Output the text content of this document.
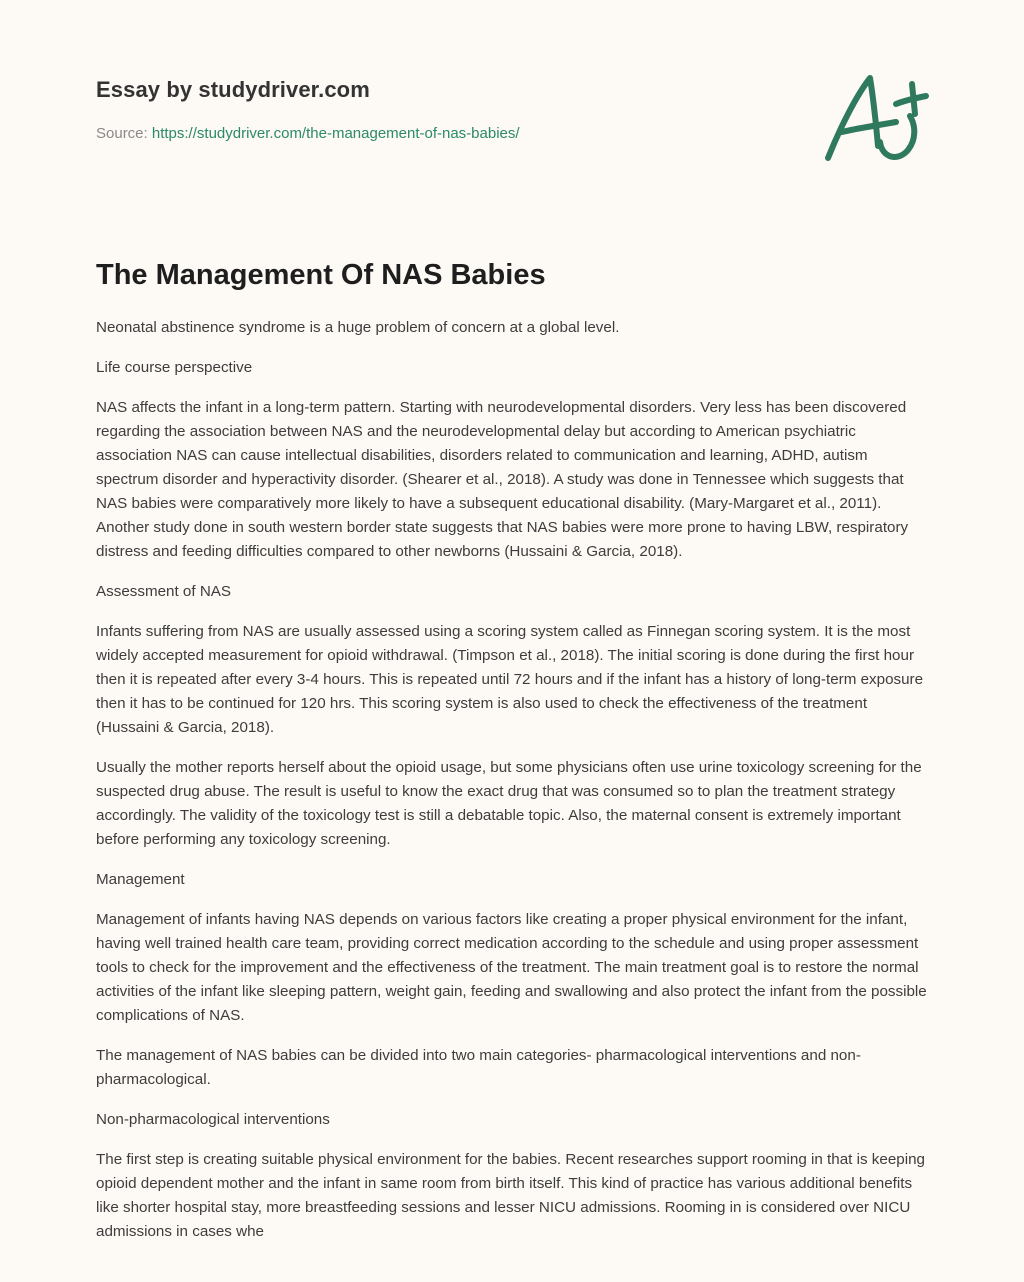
Essay by studydriver.com
Source: https://studydriver.com/the-management-of-nas-babies/
The Management Of NAS Babies

Neonatal abstinence syndrome is a huge problem of concern at a global level.

Life course perspective

NAS affects the infant in a long-term pattern. Starting with neurodevelopmental disorders. Very less has been discovered regarding the association between NAS and the neurodevelopmental delay but according to American psychiatric association NAS can cause intellectual disabilities, disorders related to communication and learning, ADHD, autism spectrum disorder and hyperactivity disorder. (Shearer et al., 2018). A study was done in Tennessee which suggests that NAS babies were comparatively more likely to have a subsequent educational disability. (Mary-Margaret et al., 2011). Another study done in south western border state suggests that NAS babies were more prone to having LBW, respiratory distress and feeding difficulties compared to other newborns (Hussaini & Garcia, 2018).

Assessment of NAS

Infants suffering from NAS are usually assessed using a scoring system called as Finnegan scoring system. It is the most widely accepted measurement for opioid withdrawal. (Timpson et al., 2018). The initial scoring is done during the first hour then it is repeated after every 3-4 hours. This is repeated until 72 hours and if the infant has a history of long-term exposure then it has to be continued for 120 hrs. This scoring system is also used to check the effectiveness of the treatment (Hussaini & Garcia, 2018).

Usually the mother reports herself about the opioid usage, but some physicians often use urine toxicology screening for the suspected drug abuse. The result is useful to know the exact drug that was consumed so to plan the treatment strategy accordingly. The validity of the toxicology test is still a debatable topic. Also, the maternal consent is extremely important before performing any toxicology screening.

Management

Management of infants having NAS depends on various factors like creating a proper physical environment for the infant, having well trained health care team, providing correct medication according to the schedule and using proper assessment tools to check for the improvement and the effectiveness of the treatment. The main treatment goal is to restore the normal activities of the infant like sleeping pattern, weight gain, feeding and swallowing and also protect the infant from the possible complications of NAS.

The management of NAS babies can be divided into two main categories- pharmacological interventions and non-pharmacological.

Non-pharmacological interventions

The first step is creating suitable physical environment for the babies. Recent researches support rooming in that is keeping opioid dependent mother and the infant in same room from birth itself. This kind of practice has various additional benefits like shorter hospital stay, more breastfeeding sessions and lesser NICU admissions. Rooming in is considered over NICU admissions in cases whe
